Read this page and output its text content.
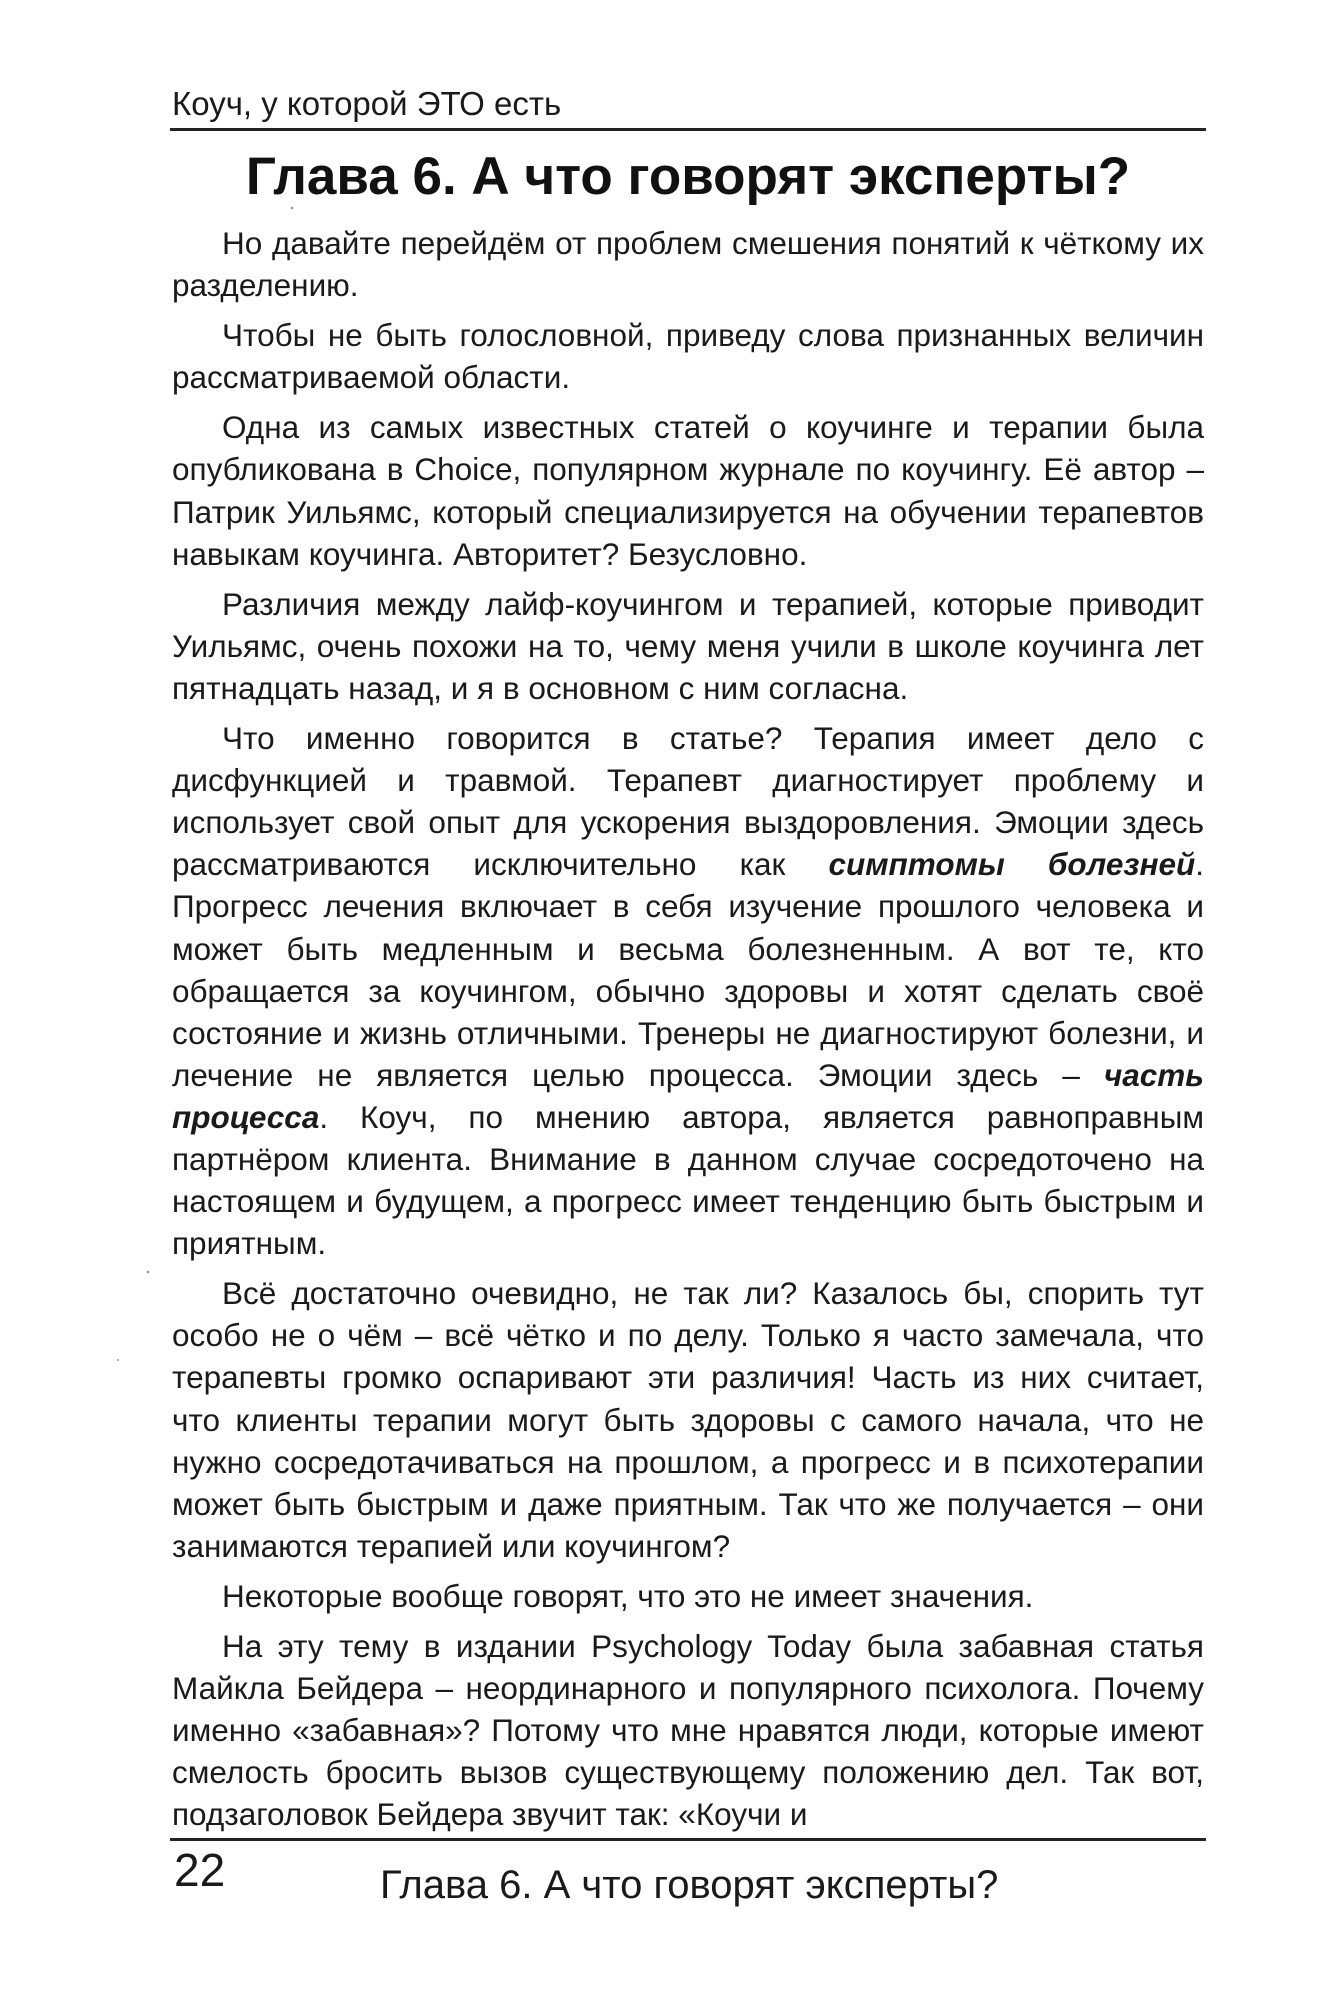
Коуч, у которой ЭТО есть
Глава 6. А что говорят эксперты?

Но давайте перейдём от проблем смешения понятий к чёткому их разделению.

Чтобы не быть голословной, приведу слова признанных величин рассматриваемой области.

Одна из самых известных статей о коучинге и терапии была опубликована в Choice, популярном журнале по коучингу. Её автор – Патрик Уильямс, который специализируется на обучении терапевтов навыкам коучинга. Авторитет? Безусловно.

Различия между лайф-коучингом и терапией, которые приводит Уильямс, очень похожи на то, чему меня учили в школе коучинга лет пятнадцать назад, и я в основном с ним согласна.

Что именно говорится в статье? Терапия имеет дело с дисфункцией и травмой. Терапевт диагностирует проблему и использует свой опыт для ускорения выздоровления. Эмоции здесь рассматриваются исключительно как симптомы болезней. Прогресс лечения включает в себя изучение прошлого человека и может быть медленным и весьма болезненным. А вот те, кто обращается за коучингом, обычно здоровы и хотят сделать своё состояние и жизнь отличными. Тренеры не диагностируют болезни, и лечение не является целью процесса. Эмоции здесь – часть процесса. Коуч, по мнению автора, является равноправным партнёром клиента. Внимание в данном случае сосредоточено на настоящем и будущем, а прогресс имеет тенденцию быть быстрым и приятным.

Всё достаточно очевидно, не так ли? Казалось бы, спорить тут особо не о чём – всё чётко и по делу. Только я часто замечала, что терапевты громко оспаривают эти различия! Часть из них считает, что клиенты терапии могут быть здоровы с самого начала, что не нужно сосредотачиваться на прошлом, а прогресс и в психотерапии может быть быстрым и даже приятным. Так что же получается – они занимаются терапией или коучингом?

Некоторые вообще говорят, что это не имеет значения.

На эту тему в издании Psychology Today была забавная статья Майкла Бейдера – неординарного и популярного психолога. Почему именно «забавная»? Потому что мне нравятся люди, которые имеют смелость бросить вызов существующему положению дел. Так вот, подзаголовок Бейдера звучит так: «Коучи и

22	Глава 6. А что говорят эксперты?
